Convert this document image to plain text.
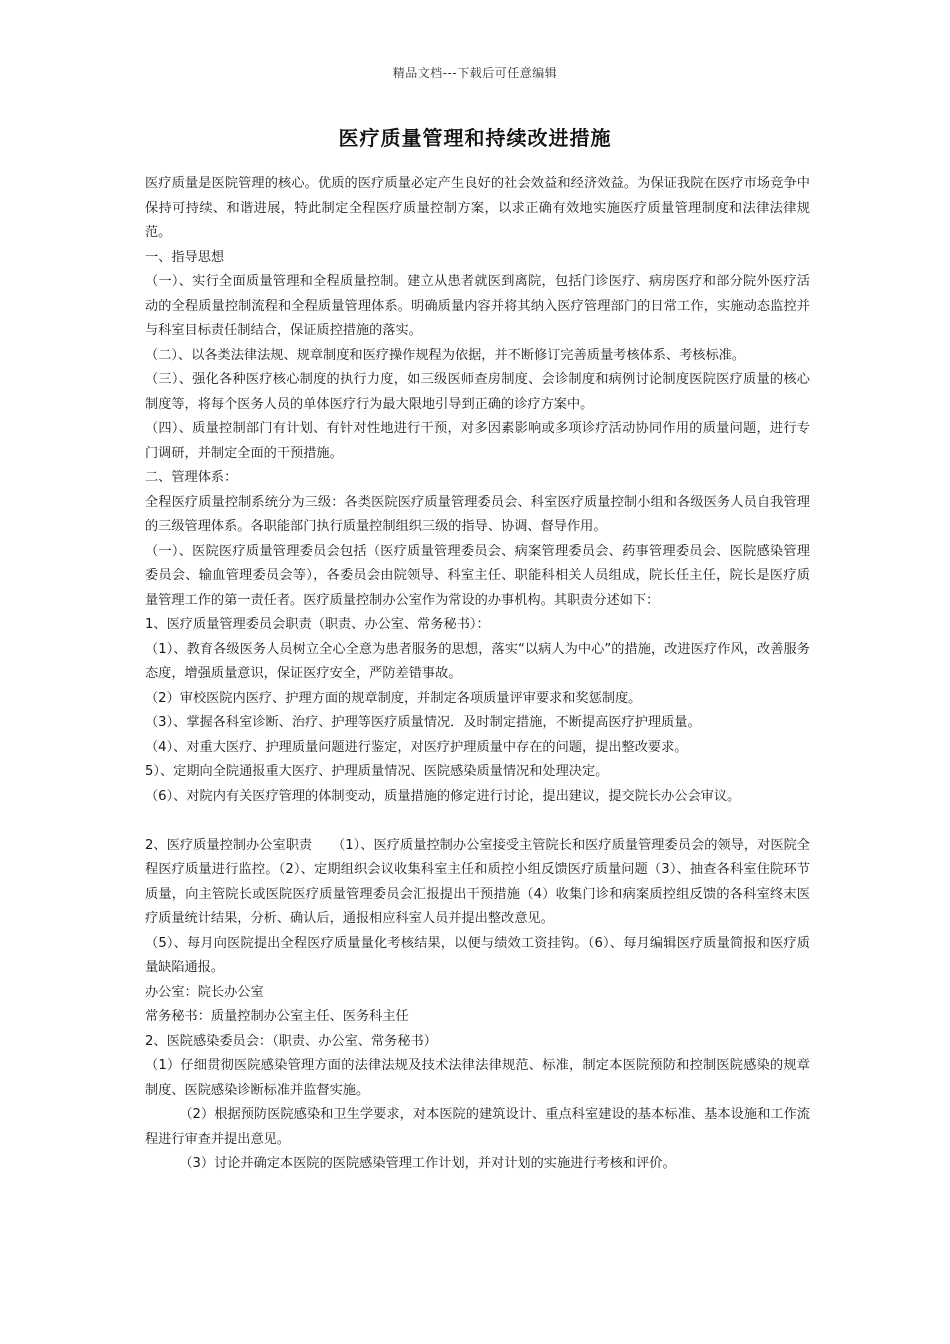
精品文档---下载后可任意编辑
医疗质量管理和持续改进措施

医疗质量是医院管理的核心。优质的医疗质量必定产生良好的社会效益和经济效益。为保证我院在医疗市场竞争中保持可持续、和谐进展，特此制定全程医疗质量控制方案，以求正确有效地实施医疗质量管理制度和法律法律规范。

一、指导思想

（一）、实行全面质量管理和全程质量控制。建立从患者就医到离院，包括门诊医疗、病房医疗和部分院外医疗活动的全程质量控制流程和全程质量管理体系。明确质量内容并将其纳入医疗管理部门的日常工作，实施动态监控并与科室目标责任制结合，保证质控措施的落实。

（二）、以各类法律法规、规章制度和医疗操作规程为依据，并不断修订完善质量考核体系、考核标准。

（三）、强化各种医疗核心制度的执行力度，如三级医师查房制度、会诊制度和病例讨论制度医院医疗质量的核心制度等，将每个医务人员的单体医疗行为最大限地引导到正确的诊疗方案中。

（四）、质量控制部门有计划、有针对性地进行干预，对多因素影响或多项诊疗活动协同作用的质量问题，进行专门调研，并制定全面的干预措施。

二、管理体系：

全程医疗质量控制系统分为三级：各类医院医疗质量管理委员会、科室医疗质量控制小组和各级医务人员自我管理的三级管理体系。各职能部门执行质量控制组织三级的指导、协调、督导作用。

（一）、医院医疗质量管理委员会包括（医疗质量管理委员会、病案管理委员会、药事管理委员会、医院感染管理委员会、输血管理委员会等），各委员会由院领导、科室主任、职能科相关人员组成，院长任主任，院长是医疗质量管理工作的第一责任者。医疗质量控制办公室作为常设的办事机构。其职责分述如下：

1、医疗质量管理委员会职责（职责、办公室、常务秘书）：

（1）、教育各级医务人员树立全心全意为患者服务的思想，落实“以病人为中心”的措施，改进医疗作风，改善服务态度，增强质量意识，保证医疗安全，严防差错事故。

（2）审校医院内医疗、护理方面的规章制度，并制定各项质量评审要求和奖惩制度。

（3）、掌握各科室诊断、治疗、护理等医疗质量情况．及时制定措施，不断提高医疗护理质量。

（4）、对重大医疗、护理质量问题进行鉴定，对医疗护理质量中存在的问题，提出整改要求。

5）、定期向全院通报重大医疗、护理质量情况、医院感染质量情况和处理决定。

（6）、对院内有关医疗管理的体制变动，质量措施的修定进行讨论，提出建议，提交院长办公会审议。

2、医疗质量控制办公室职责　　（1）、医疗质量控制办公室接受主管院长和医疗质量管理委员会的领导，对医院全程医疗质量进行监控。（2）、定期组织会议收集科室主任和质控小组反馈医疗质量问题（3）、抽查各科室住院环节质量，向主管院长或医院医疗质量管理委员会汇报提出干预措施（4）收集门诊和病案质控组反馈的各科室终末医疗质量统计结果，分析、确认后，通报相应科室人员并提出整改意见。

（5）、每月向医院提出全程医疗质量量化考核结果，以便与绩效工资挂钩。（6）、每月编辑医疗质量简报和医疗质量缺陷通报。

办公室：院长办公室

常务秘书：质量控制办公室主任、医务科主任

2、医院感染委员会：（职责、办公室、常务秘书）

（1）仔细贯彻医院感染管理方面的法律法规及技术法律法律规范、标准，制定本医院预防和控制医院感染的规章制度、医院感染诊断标准并监督实施。

（2）根据预防医院感染和卫生学要求，对本医院的建筑设计、重点科室建设的基本标准、基本设施和工作流程进行审查并提出意见。

（3）讨论并确定本医院的医院感染管理工作计划，并对计划的实施进行考核和评价。
